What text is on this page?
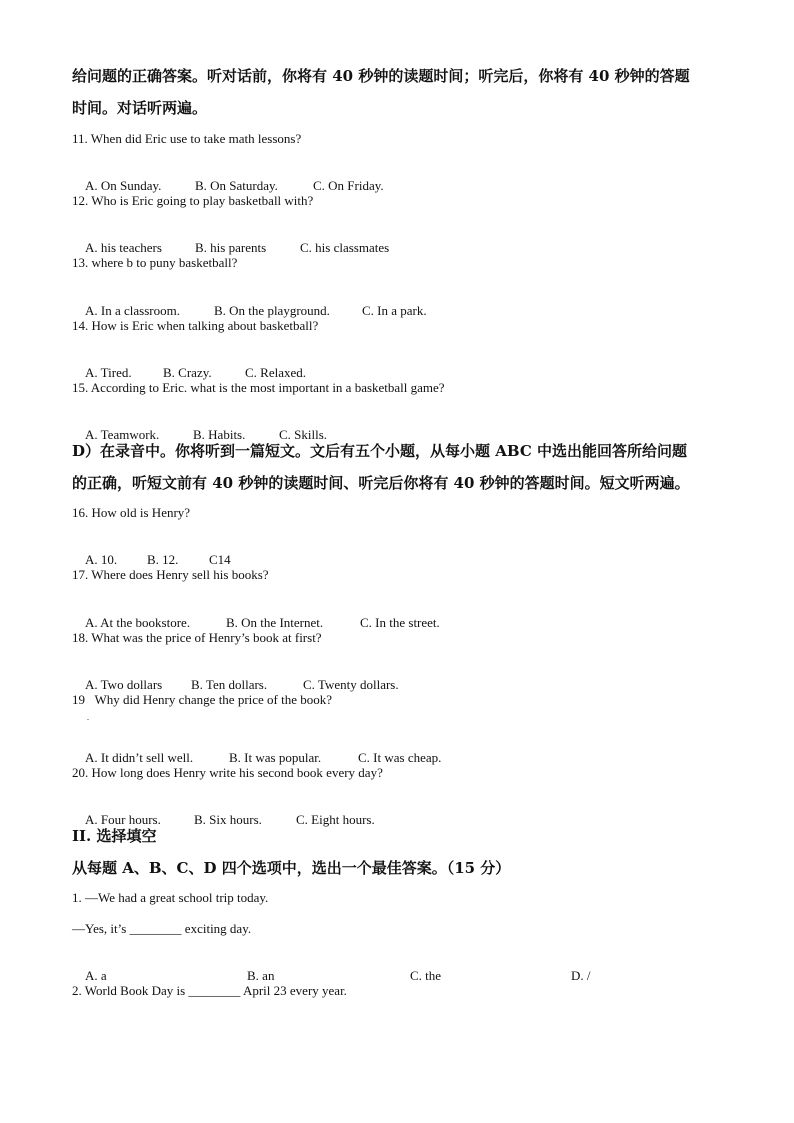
给问题的正确答案。听对话前，你将有 40 秒钟的读题时间；听完后，你将有 40 秒钟的答题
时间。对话听两遍。
11. When did Eric use to take math lessons?

A. On Sunday.	B. On Saturday.	C. On Friday.

12. Who is Eric going to play basketball with?

A. his teachers	B. his parents	C. his classmates

13. where b to puny basketball?

A. In a classroom.	B. On the playground. C. In a park.

14. How is Eric when talking about basketball?

A. Tired. B. Crazy.	C. Relaxed.

15. According to Eric. what is the most important in a basketball game?

A. Teamwork.	B. Habits.	C. Skills.

D）在录音中。你将听到一篇短文。文后有五个小题，从每小题 ABC 中选出能回答所给问题
的正确，听短文前有 40 秒钟的读题时间、听完后你将有 40 秒钟的答题时间。短文听两遍。
16. How old is Henry?

A. 10. B. 12. C14

17. Where does Henry sell his books?

A. At the bookstore.	B. On the Internet.	C. In the street.

18. What was the price of Henry’s book at first?

A. Two dollars B. Ten dollars.	C. Twenty dollars.

19   Why did Henry change the price of the book?
.

A. It didn’t sell well.	B. It was popular.	C. It was cheap.

20. How long does Henry write his second book every day?

A. Four hours.	B. Six hours.	C. Eight hours.

II. 选择填空
从每题 A、B、C、D 四个选项中，选出一个最佳答案。（15 分）
1. —We had a great school trip today.
—Yes, it’s ________ exciting day.

A. a	B. an	C. the	D. /

2. World Book Day is ________ April 23 every year.
